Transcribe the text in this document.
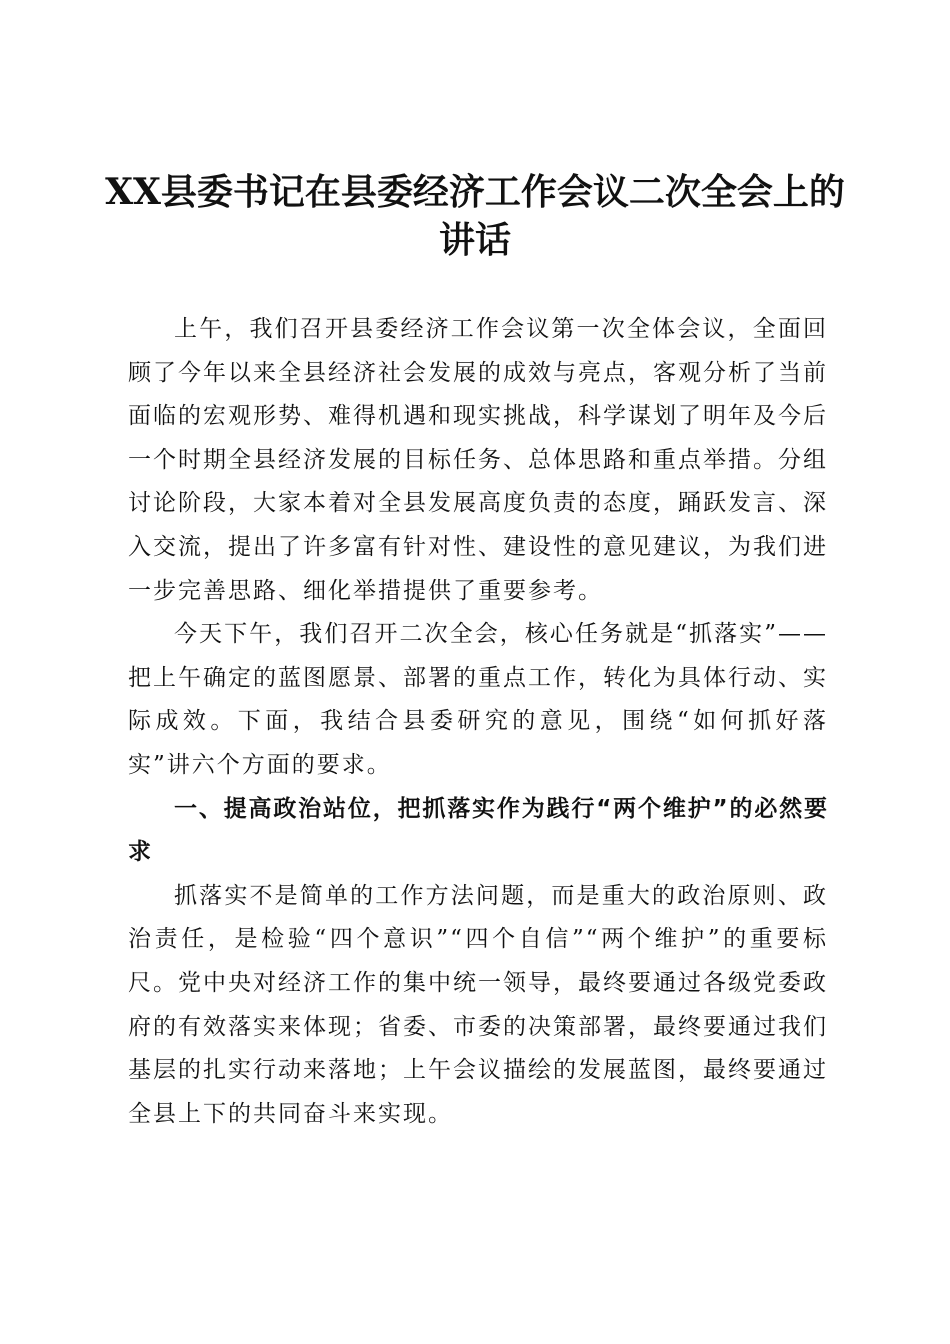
XX县委书记在县委经济工作会议二次全会上的讲话

上午，我们召开县委经济工作会议第一次全体会议，全面回顾了今年以来全县经济社会发展的成效与亮点，客观分析了当前面临的宏观形势、难得机遇和现实挑战，科学谋划了明年及今后一个时期全县经济发展的目标任务、总体思路和重点举措。分组讨论阶段，大家本着对全县发展高度负责的态度，踊跃发言、深入交流，提出了许多富有针对性、建设性的意见建议，为我们进一步完善思路、细化举措提供了重要参考。

今天下午，我们召开二次全会，核心任务就是“抓落实”——把上午确定的蓝图愿景、部署的重点工作，转化为具体行动、实际成效。下面，我结合县委研究的意见，围绕“如何抓好落实”讲六个方面的要求。

一、提高政治站位，把抓落实作为践行“两个维护”的必然要求

抓落实不是简单的工作方法问题，而是重大的政治原则、政治责任，是检验“四个意识”“四个自信”“两个维护”的重要标尺。党中央对经济工作的集中统一领导，最终要通过各级党委政府的有效落实来体现；省委、市委的决策部署，最终要通过我们基层的扎实行动来落地；上午会议描绘的发展蓝图，最终要通过全县上下的共同奋斗来实现。
